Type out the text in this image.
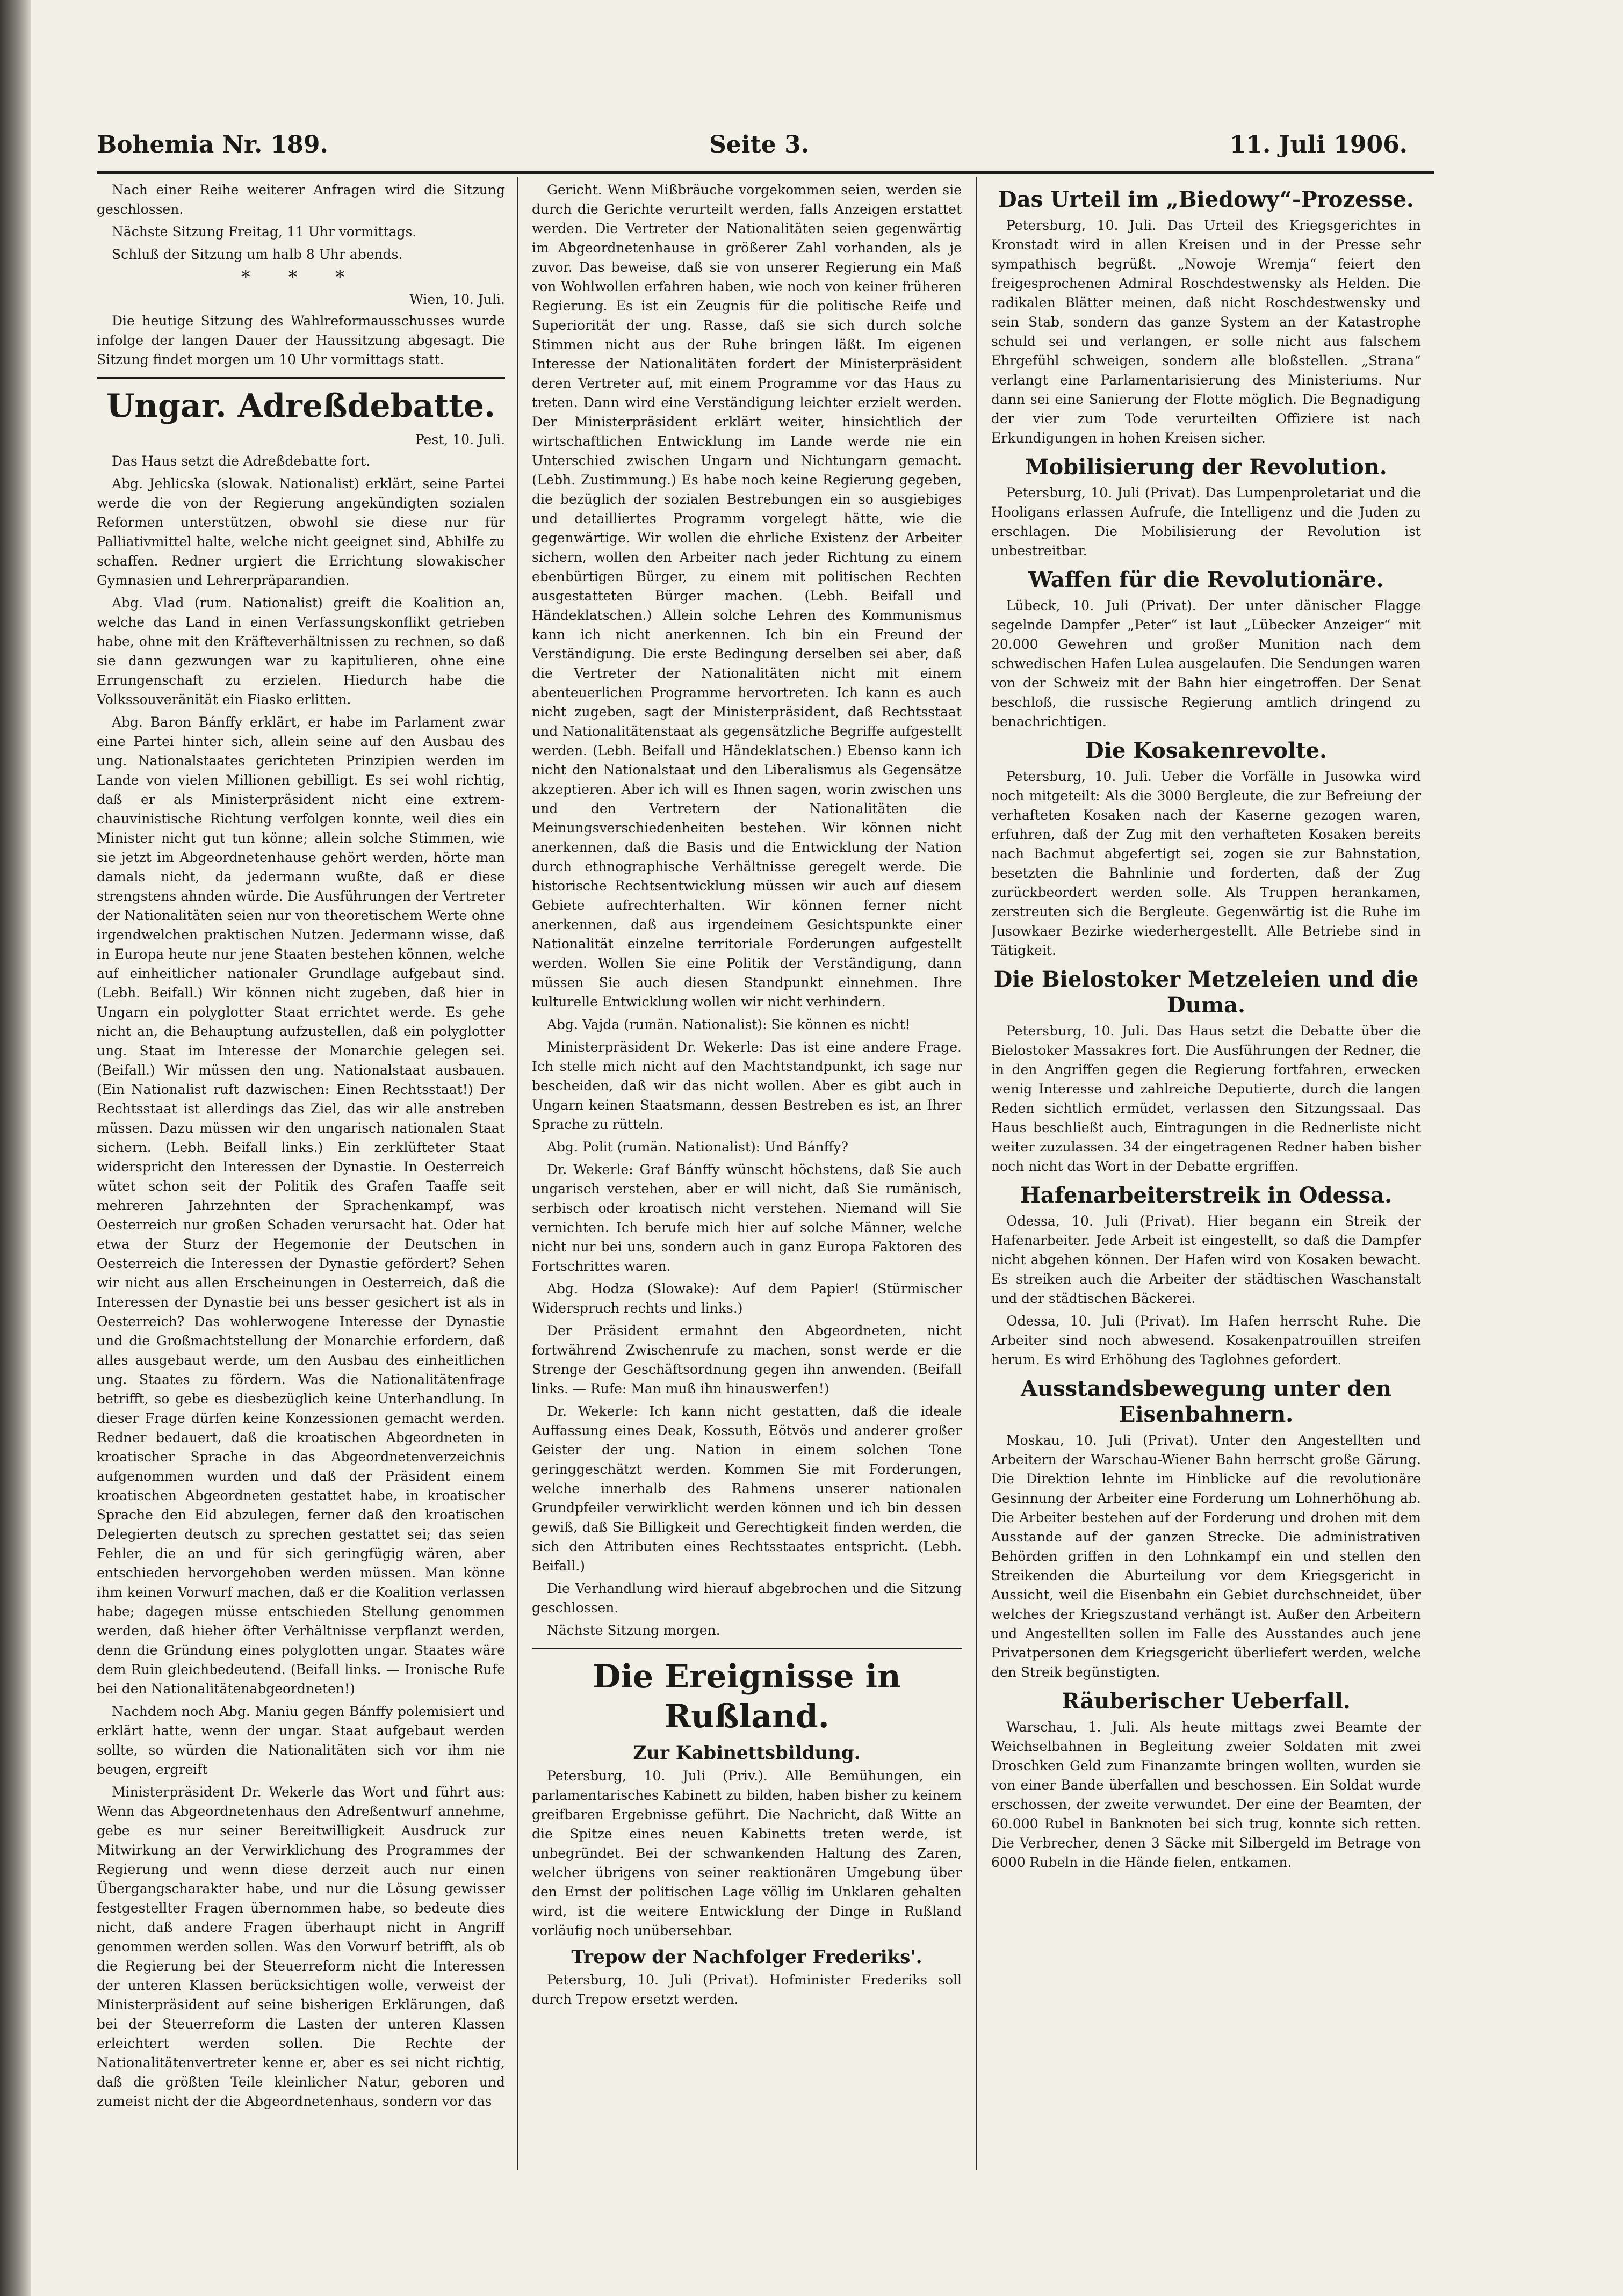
Bohemia Nr. 189.	Seite 3.	11. Juli 1906.

Nach einer Reihe weiterer Anfragen wird die Sitzung geschlossen.

Nächste Sitzung Freitag, 11 Uhr vormittags.

Schluß der Sitzung um halb 8 Uhr abends.

* * *
Wien, 10. Juli.

Die heutige Sitzung des Wahlreformausschusses wurde infolge der langen Dauer der Haussitzung abgesagt. Die Sitzung findet morgen um 10 Uhr vormittags statt.

Ungar. Adreßdebatte.
Pest, 10. Juli.

Das Haus setzt die Adreßdebatte fort.

Abg. Jehlicska (slowak. Nationalist) erklärt, seine Partei werde die von der Regierung angekündigten sozialen Reformen unterstützen, obwohl sie diese nur für Palliativmittel halte, welche nicht geeignet sind, Abhilfe zu schaffen. Redner urgiert die Errichtung slowakischer Gymnasien und Lehrerpräparandien.

Abg. Vlad (rum. Nationalist) greift die Koalition an, welche das Land in einen Verfassungskonflikt getrieben habe, ohne mit den Kräfteverhältnissen zu rechnen, so daß sie dann gezwungen war zu kapitulieren, ohne eine Errungenschaft zu erzielen. Hiedurch habe die Volkssouveränität ein Fiasko erlitten.

Abg. Baron Bánffy erklärt, er habe im Parlament zwar eine Partei hinter sich, allein seine auf den Ausbau des ung. Nationalstaates gerichteten Prinzipien werden im Lande von vielen Millionen gebilligt. Es sei wohl richtig, daß er als Ministerpräsident nicht eine extrem-chauvinistische Richtung verfolgen konnte, weil dies ein Minister nicht gut tun könne; allein solche Stimmen, wie sie jetzt im Abgeordnetenhause gehört werden, hörte man damals nicht, da jedermann wußte, daß er diese strengstens ahnden würde. Die Ausführungen der Vertreter der Nationalitäten seien nur von theoretischem Werte ohne irgendwelchen praktischen Nutzen. Jedermann wisse, daß in Europa heute nur jene Staaten bestehen können, welche auf einheitlicher nationaler Grundlage aufgebaut sind. (Lebh. Beifall.) Wir können nicht zugeben, daß hier in Ungarn ein polyglotter Staat errichtet werde. Es gehe nicht an, die Behauptung aufzustellen, daß ein polyglotter ung. Staat im Interesse der Monarchie gelegen sei. (Beifall.) Wir müssen den ung. Nationalstaat ausbauen. (Ein Nationalist ruft dazwischen: Einen Rechtsstaat!) Der Rechtsstaat ist allerdings das Ziel, das wir alle anstreben müssen. Dazu müssen wir den ungarisch nationalen Staat sichern. (Lebh. Beifall links.) Ein zerklüfteter Staat widerspricht den Interessen der Dynastie. In Oesterreich wütet schon seit der Politik des Grafen Taaffe seit mehreren Jahrzehnten der Sprachenkampf, was Oesterreich nur großen Schaden verursacht hat. Oder hat etwa der Sturz der Hegemonie der Deutschen in Oesterreich die Interessen der Dynastie gefördert? Sehen wir nicht aus allen Erscheinungen in Oesterreich, daß die Interessen der Dynastie bei uns besser gesichert ist als in Oesterreich? Das wohlerwogene Interesse der Dynastie und die Großmachtstellung der Monarchie erfordern, daß alles ausgebaut werde, um den Ausbau des einheitlichen ung. Staates zu fördern. Was die Nationalitätenfrage betrifft, so gebe es diesbezüglich keine Unterhandlung. In dieser Frage dürfen keine Konzessionen gemacht werden. Redner bedauert, daß die kroatischen Abgeordneten in kroatischer Sprache in das Abgeordnetenverzeichnis aufgenommen wurden und daß der Präsident einem kroatischen Abgeordneten gestattet habe, in kroatischer Sprache den Eid abzulegen, ferner daß den kroatischen Delegierten deutsch zu sprechen gestattet sei; das seien Fehler, die an und für sich geringfügig wären, aber entschieden hervorgehoben werden müssen. Man könne ihm keinen Vorwurf machen, daß er die Koalition verlassen habe; dagegen müsse entschieden Stellung genommen werden, daß hieher öfter Verhältnisse verpflanzt werden, denn die Gründung eines polyglotten ungar. Staates wäre dem Ruin gleichbedeutend. (Beifall links. — Ironische Rufe bei den Nationalitätenabgeordneten!)

Nachdem noch Abg. Maniu gegen Bánffy polemisiert und erklärt hatte, wenn der ungar. Staat aufgebaut werden sollte, so würden die Nationalitäten sich vor ihm nie beugen, ergreift

Ministerpräsident Dr. Wekerle das Wort und führt aus: Wenn das Abgeordnetenhaus den Adreßentwurf annehme, gebe es nur seiner Bereitwilligkeit Ausdruck zur Mitwirkung an der Verwirklichung des Programmes der Regierung und wenn diese derzeit auch nur einen Übergangscharakter habe, und nur die Lösung gewisser festgestellter Fragen übernommen habe, so bedeute dies nicht, daß andere Fragen überhaupt nicht in Angriff genommen werden sollen. Was den Vorwurf betrifft, als ob die Regierung bei der Steuerreform nicht die Interessen der unteren Klassen berücksichtigen wolle, verweist der Ministerpräsident auf seine bisherigen Erklärungen, daß bei der Steuerreform die Lasten der unteren Klassen erleichtert werden sollen. Die Rechte der Nationalitätenvertreter kenne er, aber es sei nicht richtig, daß die größten Teile kleinlicher Natur, geboren und zumeist nicht der die Abgeordnetenhaus, sondern vor das

Gericht. Wenn Mißbräuche vorgekommen seien, werden sie durch die Gerichte verurteilt werden, falls Anzeigen erstattet werden. Die Vertreter der Nationalitäten seien gegenwärtig im Abgeordnetenhause in größerer Zahl vorhanden, als je zuvor. Das beweise, daß sie von unserer Regierung ein Maß von Wohlwollen erfahren haben, wie noch von keiner früheren Regierung. Es ist ein Zeugnis für die politische Reife und Superiorität der ung. Rasse, daß sie sich durch solche Stimmen nicht aus der Ruhe bringen läßt. Im eigenen Interesse der Nationalitäten fordert der Ministerpräsident deren Vertreter auf, mit einem Programme vor das Haus zu treten. Dann wird eine Verständigung leichter erzielt werden. Der Ministerpräsident erklärt weiter, hinsichtlich der wirtschaftlichen Entwicklung im Lande werde nie ein Unterschied zwischen Ungarn und Nichtungarn gemacht. (Lebh. Zustimmung.) Es habe noch keine Regierung gegeben, die bezüglich der sozialen Bestrebungen ein so ausgiebiges und detailliertes Programm vorgelegt hätte, wie die gegenwärtige. Wir wollen die ehrliche Existenz der Arbeiter sichern, wollen den Arbeiter nach jeder Richtung zu einem ebenbürtigen Bürger, zu einem mit politischen Rechten ausgestatteten Bürger machen. (Lebh. Beifall und Händeklatschen.) Allein solche Lehren des Kommunismus kann ich nicht anerkennen. Ich bin ein Freund der Verständigung. Die erste Bedingung derselben sei aber, daß die Vertreter der Nationalitäten nicht mit einem abenteuerlichen Programme hervortreten. Ich kann es auch nicht zugeben, sagt der Ministerpräsident, daß Rechtsstaat und Nationalitätenstaat als gegensätzliche Begriffe aufgestellt werden. (Lebh. Beifall und Händeklatschen.) Ebenso kann ich nicht den Nationalstaat und den Liberalismus als Gegensätze akzeptieren. Aber ich will es Ihnen sagen, worin zwischen uns und den Vertretern der Nationalitäten die Meinungsverschiedenheiten bestehen. Wir können nicht anerkennen, daß die Basis und die Entwicklung der Nation durch ethnographische Verhältnisse geregelt werde. Die historische Rechtsentwicklung müssen wir auch auf diesem Gebiete aufrechterhalten. Wir können ferner nicht anerkennen, daß aus irgendeinem Gesichtspunkte einer Nationalität einzelne territoriale Forderungen aufgestellt werden. Wollen Sie eine Politik der Verständigung, dann müssen Sie auch diesen Standpunkt einnehmen. Ihre kulturelle Entwicklung wollen wir nicht verhindern.

Abg. Vajda (rumän. Nationalist): Sie können es nicht!

Ministerpräsident Dr. Wekerle: Das ist eine andere Frage. Ich stelle mich nicht auf den Machtstandpunkt, ich sage nur bescheiden, daß wir das nicht wollen. Aber es gibt auch in Ungarn keinen Staatsmann, dessen Bestreben es ist, an Ihrer Sprache zu rütteln.

Abg. Polit (rumän. Nationalist): Und Bánffy?

Dr. Wekerle: Graf Bánffy wünscht höchstens, daß Sie auch ungarisch verstehen, aber er will nicht, daß Sie rumänisch, serbisch oder kroatisch nicht verstehen. Niemand will Sie vernichten. Ich berufe mich hier auf solche Männer, welche nicht nur bei uns, sondern auch in ganz Europa Faktoren des Fortschrittes waren.

Abg. Hodza (Slowake): Auf dem Papier! (Stürmischer Widerspruch rechts und links.)

Der Präsident ermahnt den Abgeordneten, nicht fortwährend Zwischenrufe zu machen, sonst werde er die Strenge der Geschäftsordnung gegen ihn anwenden. (Beifall links. — Rufe: Man muß ihn hinauswerfen!)

Dr. Wekerle: Ich kann nicht gestatten, daß die ideale Auffassung eines Deak, Kossuth, Eötvös und anderer großer Geister der ung. Nation in einem solchen Tone geringgeschätzt werden. Kommen Sie mit Forderungen, welche innerhalb des Rahmens unserer nationalen Grundpfeiler verwirklicht werden können und ich bin dessen gewiß, daß Sie Billigkeit und Gerechtigkeit finden werden, die sich den Attributen eines Rechtsstaates entspricht. (Lebh. Beifall.)

Die Verhandlung wird hierauf abgebrochen und die Sitzung geschlossen.

Nächste Sitzung morgen.

Die Ereignisse in Rußland.
Zur Kabinettsbildung.

Petersburg, 10. Juli (Priv.). Alle Bemühungen, ein parlamentarisches Kabinett zu bilden, haben bisher zu keinem greifbaren Ergebnisse geführt. Die Nachricht, daß Witte an die Spitze eines neuen Kabinetts treten werde, ist unbegründet. Bei der schwankenden Haltung des Zaren, welcher übrigens von seiner reaktionären Umgebung über den Ernst der politischen Lage völlig im Unklaren gehalten wird, ist die weitere Entwicklung der Dinge in Rußland vorläufig noch unübersehbar.

Trepow der Nachfolger Frederiks'.

Petersburg, 10. Juli (Privat). Hofminister Frederiks soll durch Trepow ersetzt werden.

Das Urteil im „Biedowy“-Prozesse.

Petersburg, 10. Juli. Das Urteil des Kriegsgerichtes in Kronstadt wird in allen Kreisen und in der Presse sehr sympathisch begrüßt. „Nowoje Wremja“ feiert den freigesprochenen Admiral Roschdestwensky als Helden. Die radikalen Blätter meinen, daß nicht Roschdestwensky und sein Stab, sondern das ganze System an der Katastrophe schuld sei und verlangen, er solle nicht aus falschem Ehrgefühl schweigen, sondern alle bloßstellen. „Strana“ verlangt eine Parlamentarisierung des Ministeriums. Nur dann sei eine Sanierung der Flotte möglich. Die Begnadigung der vier zum Tode verurteilten Offiziere ist nach Erkundigungen in hohen Kreisen sicher.

Mobilisierung der Revolution.

Petersburg, 10. Juli (Privat). Das Lumpenproletariat und die Hooligans erlassen Aufrufe, die Intelligenz und die Juden zu erschlagen. Die Mobilisierung der Revolution ist unbestreitbar.

Waffen für die Revolutionäre.

Lübeck, 10. Juli (Privat). Der unter dänischer Flagge segelnde Dampfer „Peter“ ist laut „Lübecker Anzeiger“ mit 20.000 Gewehren und großer Munition nach dem schwedischen Hafen Lulea ausgelaufen. Die Sendungen waren von der Schweiz mit der Bahn hier eingetroffen. Der Senat beschloß, die russische Regierung amtlich dringend zu benachrichtigen.

Die Kosakenrevolte.

Petersburg, 10. Juli. Ueber die Vorfälle in Jusowka wird noch mitgeteilt: Als die 3000 Bergleute, die zur Befreiung der verhafteten Kosaken nach der Kaserne gezogen waren, erfuhren, daß der Zug mit den verhafteten Kosaken bereits nach Bachmut abgefertigt sei, zogen sie zur Bahnstation, besetzten die Bahnlinie und forderten, daß der Zug zurückbeordert werden solle. Als Truppen herankamen, zerstreuten sich die Bergleute. Gegenwärtig ist die Ruhe im Jusowkaer Bezirke wiederhergestellt. Alle Betriebe sind in Tätigkeit.

Die Bielostoker Metzeleien und die Duma.

Petersburg, 10. Juli. Das Haus setzt die Debatte über die Bielostoker Massakres fort. Die Ausführungen der Redner, die in den Angriffen gegen die Regierung fortfahren, erwecken wenig Interesse und zahlreiche Deputierte, durch die langen Reden sichtlich ermüdet, verlassen den Sitzungssaal. Das Haus beschließt auch, Eintragungen in die Rednerliste nicht weiter zuzulassen. 34 der eingetragenen Redner haben bisher noch nicht das Wort in der Debatte ergriffen.

Hafenarbeiterstreik in Odessa.

Odessa, 10. Juli (Privat). Hier begann ein Streik der Hafenarbeiter. Jede Arbeit ist eingestellt, so daß die Dampfer nicht abgehen können. Der Hafen wird von Kosaken bewacht. Es streiken auch die Arbeiter der städtischen Waschanstalt und der städtischen Bäckerei.

Odessa, 10. Juli (Privat). Im Hafen herrscht Ruhe. Die Arbeiter sind noch abwesend. Kosakenpatrouillen streifen herum. Es wird Erhöhung des Taglohnes gefordert.

Ausstandsbewegung unter den Eisenbahnern.

Moskau, 10. Juli (Privat). Unter den Angestellten und Arbeitern der Warschau-Wiener Bahn herrscht große Gärung. Die Direktion lehnte im Hinblicke auf die revolutionäre Gesinnung der Arbeiter eine Forderung um Lohnerhöhung ab. Die Arbeiter bestehen auf der Forderung und drohen mit dem Ausstande auf der ganzen Strecke. Die administrativen Behörden griffen in den Lohnkampf ein und stellen den Streikenden die Aburteilung vor dem Kriegsgericht in Aussicht, weil die Eisenbahn ein Gebiet durchschneidet, über welches der Kriegszustand verhängt ist. Außer den Arbeitern und Angestellten sollen im Falle des Ausstandes auch jene Privatpersonen dem Kriegsgericht überliefert werden, welche den Streik begünstigten.

Räuberischer Ueberfall.

Warschau, 1. Juli. Als heute mittags zwei Beamte der Weichselbahnen in Begleitung zweier Soldaten mit zwei Droschken Geld zum Finanzamte bringen wollten, wurden sie von einer Bande überfallen und beschossen. Ein Soldat wurde erschossen, der zweite verwundet. Der eine der Beamten, der 60.000 Rubel in Banknoten bei sich trug, konnte sich retten. Die Verbrecher, denen 3 Säcke mit Silbergeld im Betrage von 6000 Rubeln in die Hände fielen, entkamen.
